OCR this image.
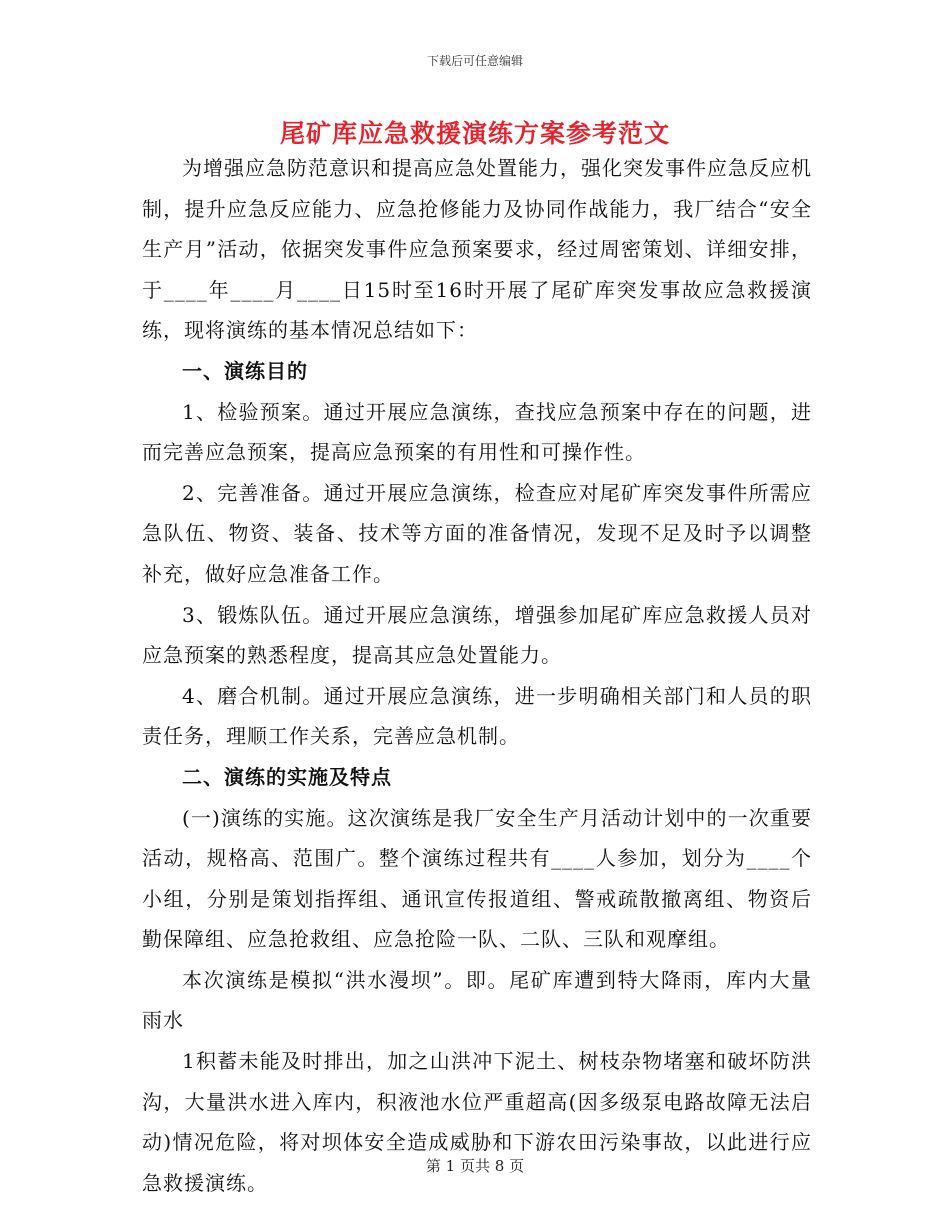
下载后可任意编辑
尾矿库应急救援演练方案参考范文

为增强应急防范意识和提高应急处置能力，强化突发事件应急反应机制，提升应急反应能力、应急抢修能力及协同作战能力，我厂结合“安全生产月”活动，依据突发事件应急预案要求，经过周密策划、详细安排，于____年____月____日15时至16时开展了尾矿库突发事故应急救援演练，现将演练的基本情况总结如下：

一、演练目的

1、检验预案。通过开展应急演练，查找应急预案中存在的问题，进而完善应急预案，提高应急预案的有用性和可操作性。

2、完善准备。通过开展应急演练，检查应对尾矿库突发事件所需应急队伍、物资、装备、技术等方面的准备情况，发现不足及时予以调整补充，做好应急准备工作。

3、锻炼队伍。通过开展应急演练，增强参加尾矿库应急救援人员对应急预案的熟悉程度，提高其应急处置能力。

4、磨合机制。通过开展应急演练，进一步明确相关部门和人员的职责任务，理顺工作关系，完善应急机制。

二、演练的实施及特点

(一)演练的实施。这次演练是我厂安全生产月活动计划中的一次重要活动，规格高、范围广。整个演练过程共有____人参加，划分为____个小组，分别是策划指挥组、通讯宣传报道组、警戒疏散撤离组、物资后勤保障组、应急抢救组、应急抢险一队、二队、三队和观摩组。

本次演练是模拟“洪水漫坝”。即。尾矿库遭到特大降雨，库内大量雨水

1积蓄未能及时排出，加之山洪冲下泥土、树枝杂物堵塞和破坏防洪沟，大量洪水进入库内，积液池水位严重超高(因多级泵电路故障无法启动)情况危险，将对坝体安全造成威胁和下游农田污染事故，以此进行应急救援演练。

第 1 页共 8 页
